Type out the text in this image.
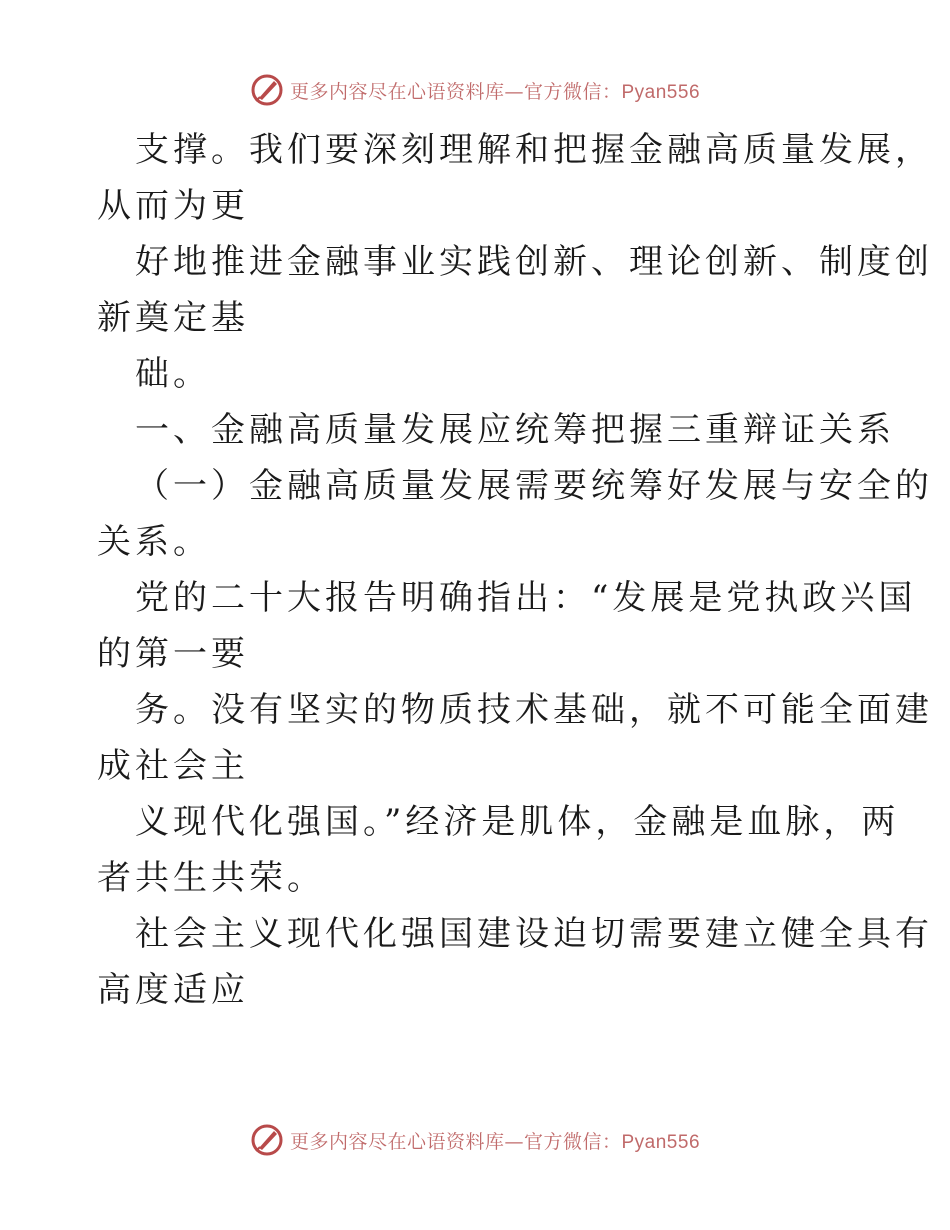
更多内容尽在心语资料库—官方微信：Pyan556

支撑。我们要深刻理解和把握金融高质量发展，

从而为更

好地推进金融事业实践创新、理论创新、制度创

新奠定基

础。

一、金融高质量发展应统筹把握三重辩证关系

（一）金融高质量发展需要统筹好发展与安全的

关系。

党的二十大报告明确指出：“发展是党执政兴国

的第一要

务。没有坚实的物质技术基础，就不可能全面建

成社会主

义现代化强国。”经济是肌体，金融是血脉，两

者共生共荣。

社会主义现代化强国建设迫切需要建立健全具有

高度适应

更多内容尽在心语资料库—官方微信：Pyan556
